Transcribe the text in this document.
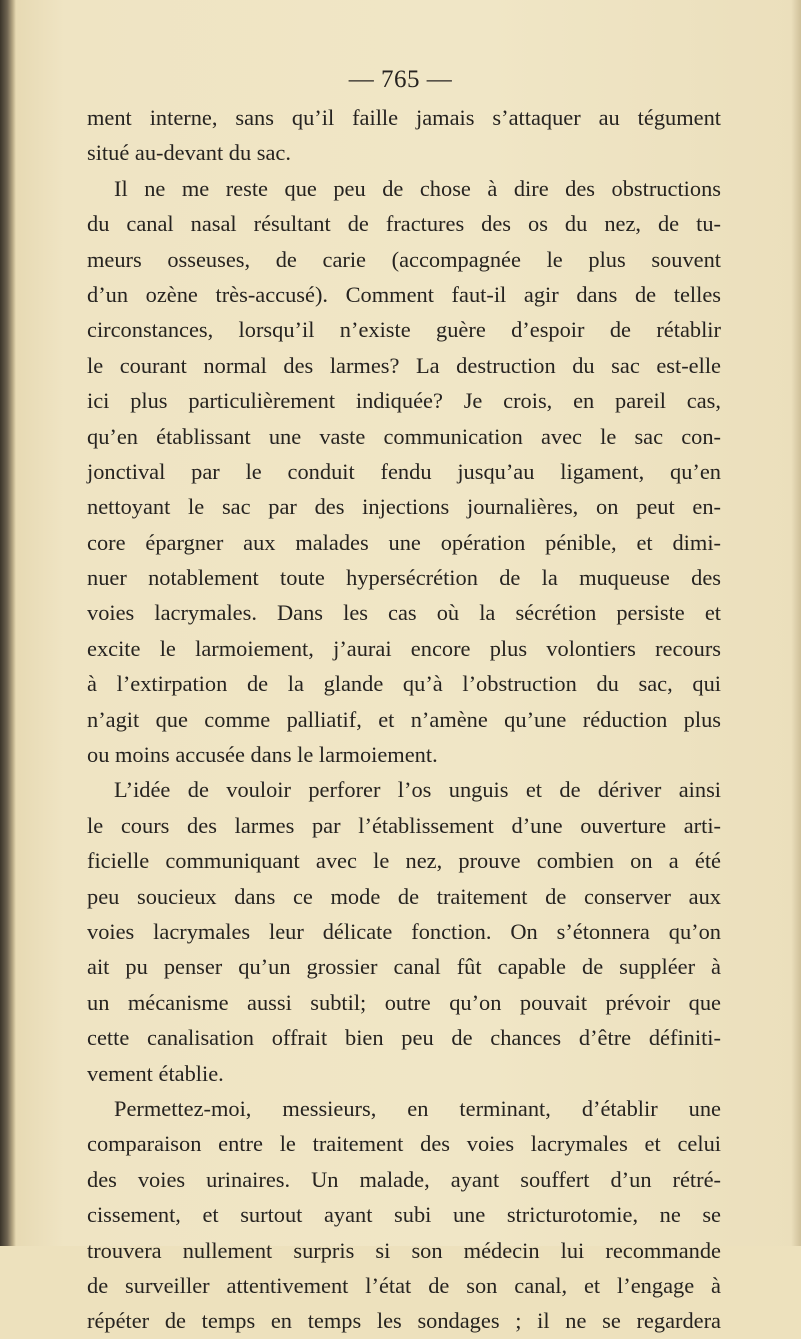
— 765 —
ment interne, sans qu’il faille jamais s’attaquer au tégument
situé au-devant du sac.
Il ne me reste que peu de chose à dire des obstructions
du canal nasal résultant de fractures des os du nez, de tu-
meurs osseuses, de carie (accompagnée le plus souvent
d’un ozène très-accusé). Comment faut-il agir dans de telles
circonstances, lorsqu’il n’existe guère d’espoir de rétablir
le courant normal des larmes? La destruction du sac est-elle
ici plus particulièrement indiquée? Je crois, en pareil cas,
qu’en établissant une vaste communication avec le sac con-
jonctival par le conduit fendu jusqu’au ligament, qu’en
nettoyant le sac par des injections journalières, on peut en-
core épargner aux malades une opération pénible, et dimi-
nuer notablement toute hypersécrétion de la muqueuse des
voies lacrymales. Dans les cas où la sécrétion persiste et
excite le larmoiement, j’aurai encore plus volontiers recours
à l’extirpation de la glande qu’à l’obstruction du sac, qui
n’agit que comme palliatif, et n’amène qu’une réduction plus
ou moins accusée dans le larmoiement.
L’idée de vouloir perforer l’os unguis et de dériver ainsi
le cours des larmes par l’établissement d’une ouverture arti-
ficielle communiquant avec le nez, prouve combien on a été
peu soucieux dans ce mode de traitement de conserver aux
voies lacrymales leur délicate fonction. On s’étonnera qu’on
ait pu penser qu’un grossier canal fût capable de suppléer à
un mécanisme aussi subtil; outre qu’on pouvait prévoir que
cette canalisation offrait bien peu de chances d’être définiti-
vement établie.
Permettez-moi, messieurs, en terminant, d’établir une
comparaison entre le traitement des voies lacrymales et celui
des voies urinaires. Un malade, ayant souffert d’un rétré-
cissement, et surtout ayant subi une stricturotomie, ne se
trouvera nullement surpris si son médecin lui recommande
de surveiller attentivement l’état de son canal, et l’engage à
répéter de temps en temps les sondages ; il ne se regardera
